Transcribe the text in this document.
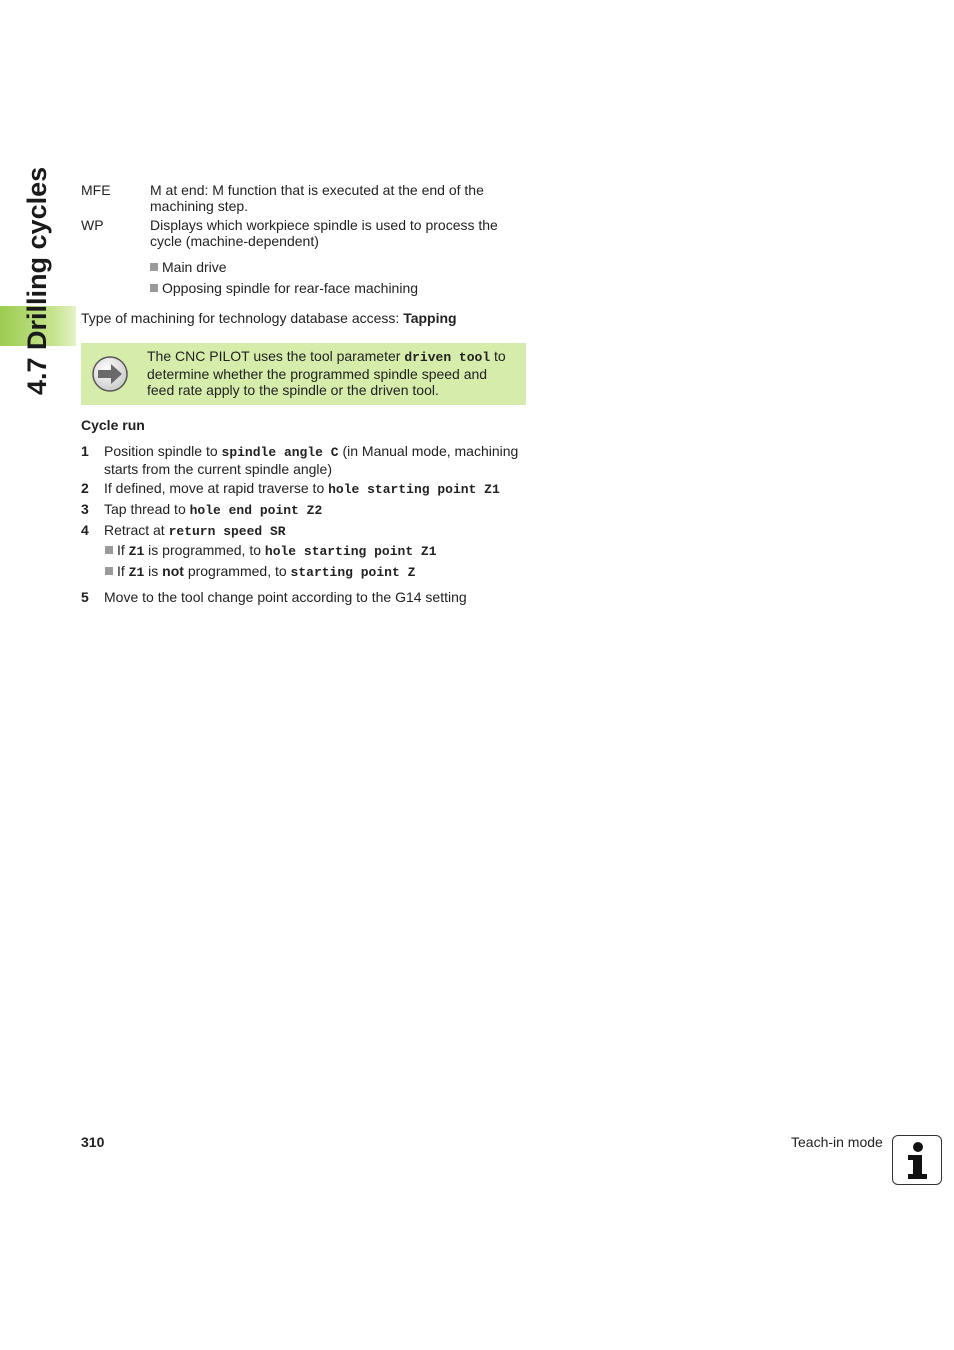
4.7 Drilling cycles MFE	M at end: M function that is executed at the end of the machining step.
WP	Displays which workpiece spindle is used to process the cycle (machine-dependent)
Main drive
Opposing spindle for rear-face machining
Type of machining for technology database access: Tapping
The CNC PILOT uses the tool parameter driven tool to determine whether the programmed spindle speed and feed rate apply to the spindle or the driven tool.
Cycle run
1 Position spindle to spindle angle C (in Manual mode, machining starts from the current spindle angle)
2 If defined, move at rapid traverse to hole starting point Z1
3 Tap thread to hole end point Z2
4 Retract at return speed SR
If Z1 is programmed, to hole starting point Z1
If Z1 is not programmed, to starting point Z
5 Move to the tool change point according to the G14 setting
310	Teach-in mode
